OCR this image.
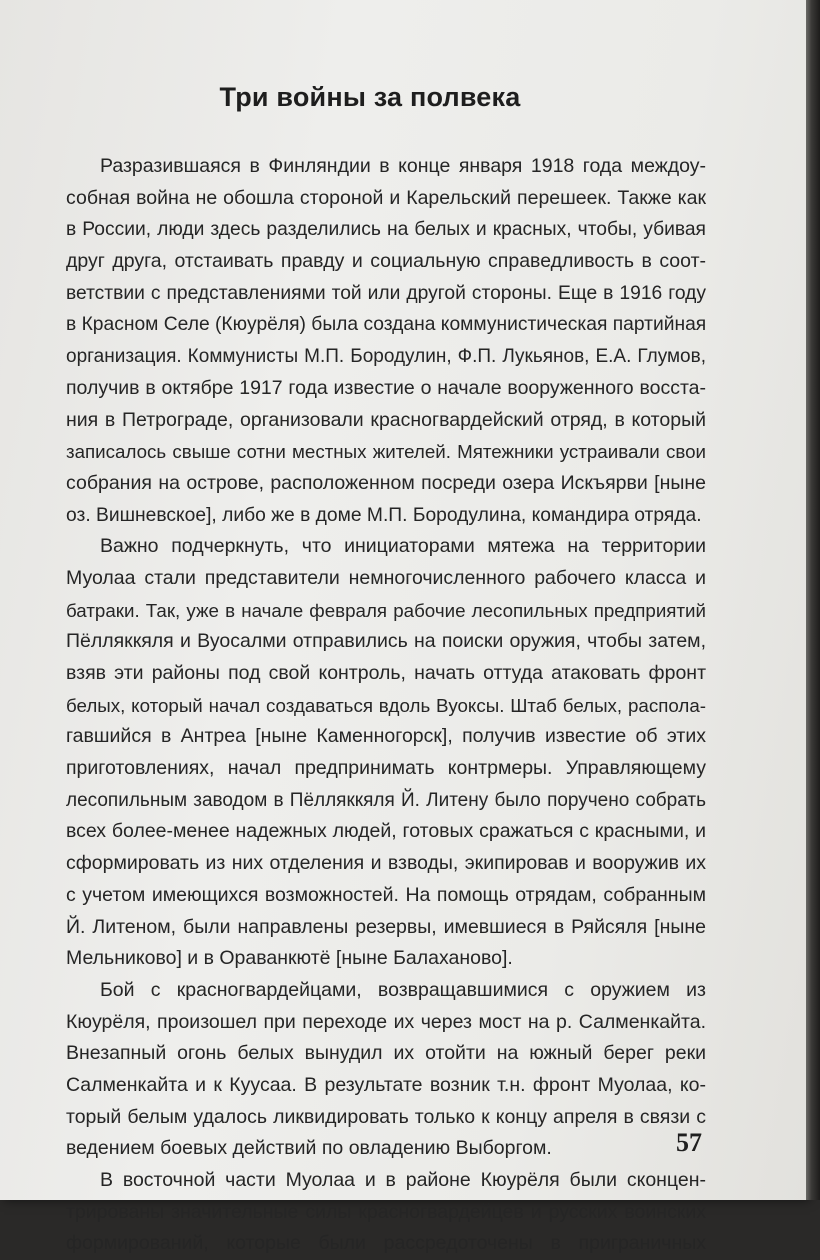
Три войны за полвека
Разразившаяся в Финляндии в конце января 1918 года междоу-
собная война не обошла стороной и Карельский перешеек. Также как
в России, люди здесь разделились на белых и красных, чтобы, убивая
друг друга, отстаивать правду и социальную справедливость в соот-
ветствии с представлениями той или другой стороны. Еще в 1916 году
в Красном Селе (Кюурёля) была создана коммунистическая партийная
организация. Коммунисты М.П. Бородулин, Ф.П. Лукьянов, Е.А. Глумов,
получив в октябре 1917 года известие о начале вооруженного восста-
ния в Петрограде, организовали красногвардейский отряд, в который
записалось свыше сотни местных жителей. Мятежники устраивали свои
собрания на острове, расположенном посреди озера Искъярви [ныне
оз. Вишневское], либо же в доме М.П. Бородулина, командира отряда.
Важно подчеркнуть, что инициаторами мятежа на территории
Муолаа стали представители немногочисленного рабочего класса и
батраки. Так, уже в начале февраля рабочие лесопильных предприятий
Пёлляккяля и Вуосалми отправились на поиски оружия, чтобы затем,
взяв эти районы под свой контроль, начать оттуда атаковать фронт
белых, который начал создаваться вдоль Вуоксы. Штаб белых, распола-
гавшийся в Антреа [ныне Каменногорск], получив известие об этих
приготовлениях, начал предпринимать контрмеры. Управляющему
лесопильным заводом в Пёлляккяля Й. Литену было поручено собрать
всех более-менее надежных людей, готовых сражаться с красными, и
сформировать из них отделения и взводы, экипировав и вооружив их
с учетом имеющихся возможностей. На помощь отрядам, собранным
Й. Литеном, были направлены резервы, имевшиеся в Ряйсяля [ныне
Мельниково] и в Ораванкютё [ныне Балаханово].
Бой с красногвардейцами, возвращавшимися с оружием из
Кюурёля, произошел при переходе их через мост на р. Салменкайта.
Внезапный огонь белых вынудил их отойти на южный берег реки
Салменкайта и к Куусаа. В результате возник т.н. фронт Муолаа, ко-
торый белым удалось ликвидировать только к концу апреля в связи с
ведением боевых действий по овладению Выборгом.
В восточной части Муолаа и в районе Кюурёля были сконцен-
трированы значительные силы красногвардейцев и русских воинских
формирований, которые были рассредоточены в приграничных
57
